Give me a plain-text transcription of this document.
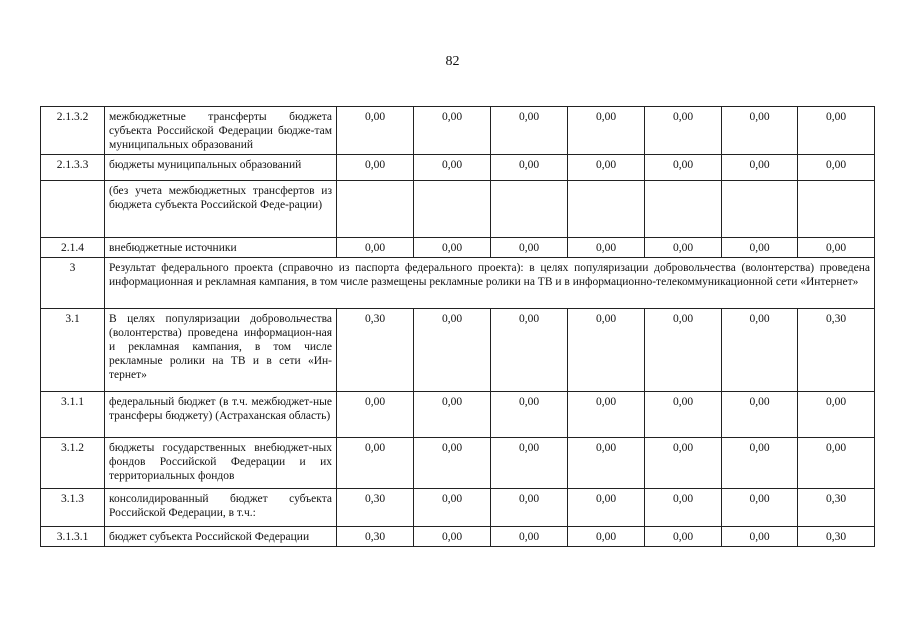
82
2.1.3.2	межбюджетные трансферты бюджета субъекта Российской Федерации бюдже-там муниципальных образований	0,00	0,00	0,00	0,00	0,00	0,00	0,00
2.1.3.3	бюджеты муниципальных образований	0,00	0,00	0,00	0,00	0,00	0,00	0,00
	(без учета межбюджетных трансфертов из бюджета субъекта Российской Феде-рации)							
2.1.4	внебюджетные источники	0,00	0,00	0,00	0,00	0,00	0,00	0,00
3	Результат федерального проекта (справочно из паспорта федерального проекта): в целях популяризации добровольчества (волонтерства) проведена информационная и рекламная кампания, в том числе размещены рекламные ролики на ТВ и в информационно-телекоммуникационной сети «Интернет»							
3.1	В целях популяризации добровольчества (волонтерства) проведена информацион-ная и рекламная кампания, в том числе рекламные ролики на ТВ и в сети «Ин-тернет»	0,30	0,00	0,00	0,00	0,00	0,00	0,30
3.1.1	федеральный бюджет (в т.ч. межбюджет-ные трансферы бюджету) (Астраханская область)	0,00	0,00	0,00	0,00	0,00	0,00	0,00
3.1.2	бюджеты государственных внебюджет-ных фондов Российской Федерации и их территориальных фондов	0,00	0,00	0,00	0,00	0,00	0,00	0,00
3.1.3	консолидированный бюджет субъекта Российской Федерации, в т.ч.:	0,30	0,00	0,00	0,00	0,00	0,00	0,30
3.1.3.1	бюджет субъекта Российской Федерации	0,30	0,00	0,00	0,00	0,00	0,00	0,30
